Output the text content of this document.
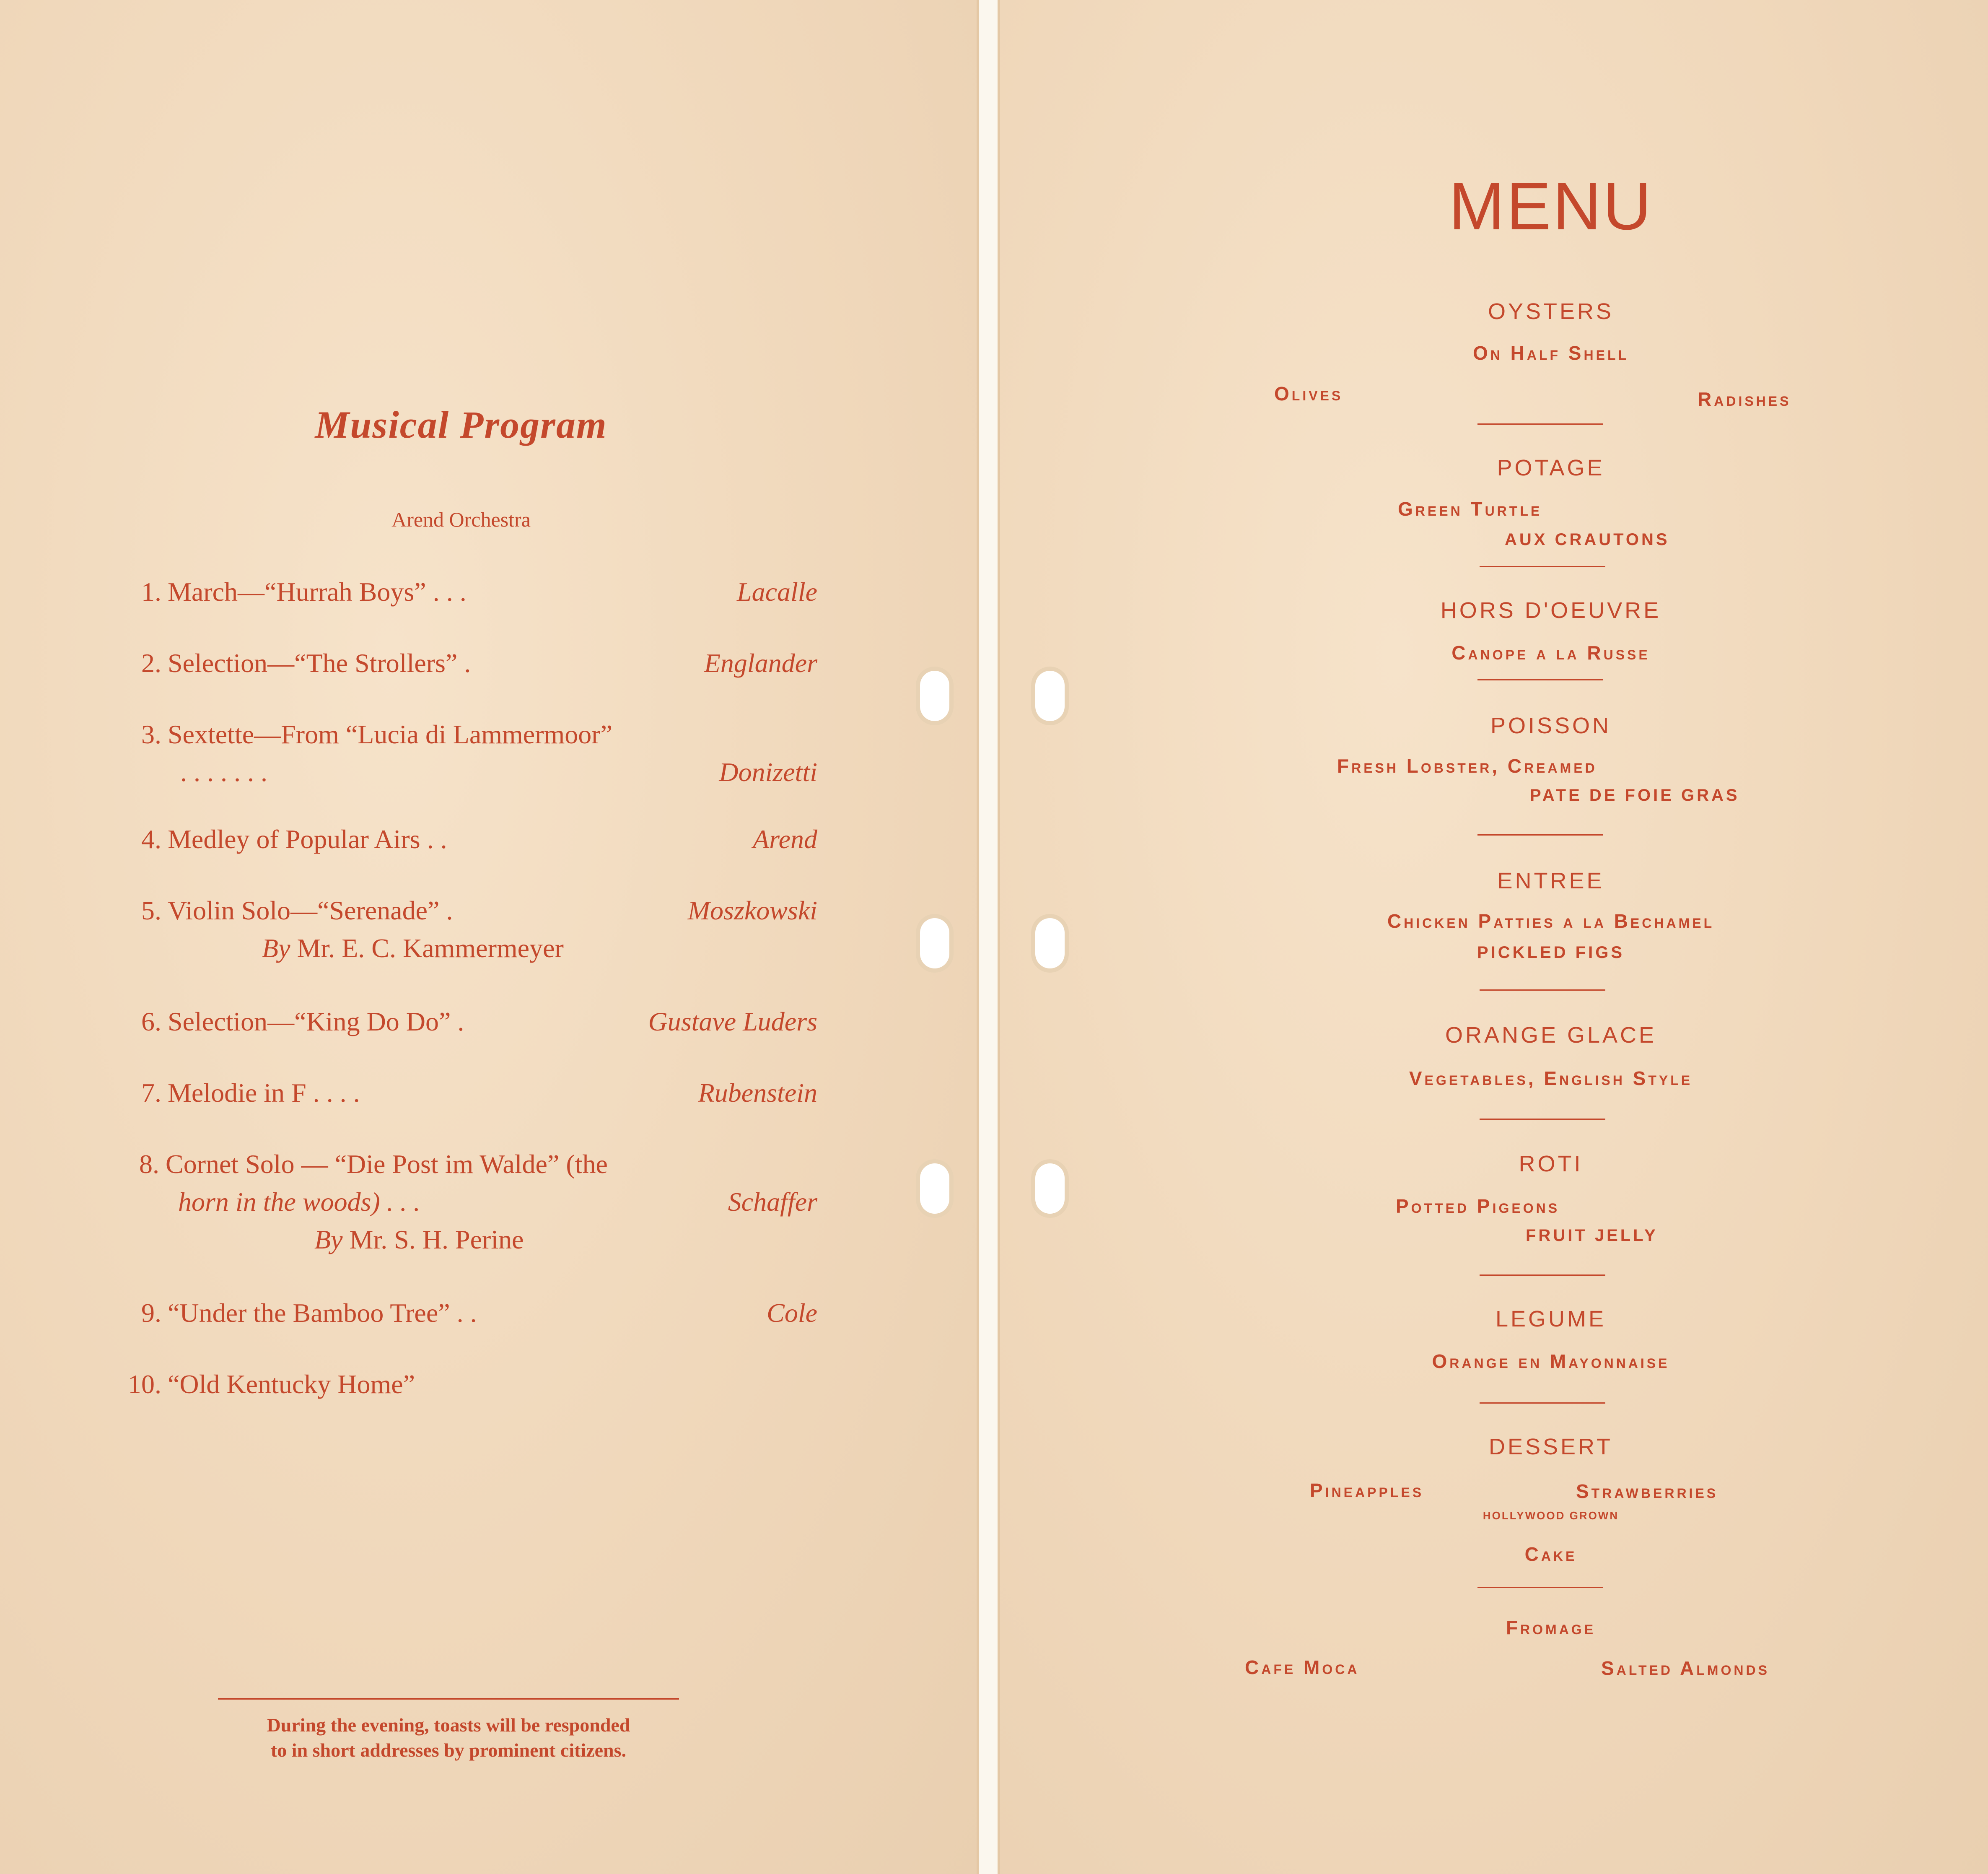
Musical Program
Arend Orchestra
1. March—“Hurrah Boys” . . .	Lacalle
2. Selection—“The Strollers” .	Englander
3. Sextette—From “Lucia di Lammermoor”
. . . . . . .	Donizetti
4. Medley of Popular Airs . .	Arend
5. Violin Solo—“Serenade” .	Moszkowski
By Mr. E. C. Kammermeyer
6. Selection—“King Do Do” .	Gustave Luders
7. Melodie in F . . . .	Rubenstein
8. Cornet Solo — “Die Post im Walde” (the
horn in the woods) . . .	Schaffer
By Mr. S. H. Perine
9. “Under the Bamboo Tree” . .	Cole
10. “Old Kentucky Home”
During the evening, toasts will be responded
to in short addresses by prominent citizens.
MENU
OYSTERS
On Half Shell
Olives	Radishes
POTAGE
Green Turtle
AUX CRAUTONS
HORS D'OEUVRE
Canope a la Russe
POISSON
Fresh Lobster, Creamed
PATE DE FOIE GRAS
ENTREE
Chicken Patties a la Bechamel
PICKLED FIGS
ORANGE GLACE
Vegetables, English Style
ROTI
Potted Pigeons
FRUIT JELLY
LEGUME
Orange en Mayonnaise
DESSERT
Pineapples	Strawberries
HOLLYWOOD GROWN
Cake
Fromage
Cafe Moca	Salted Almonds
